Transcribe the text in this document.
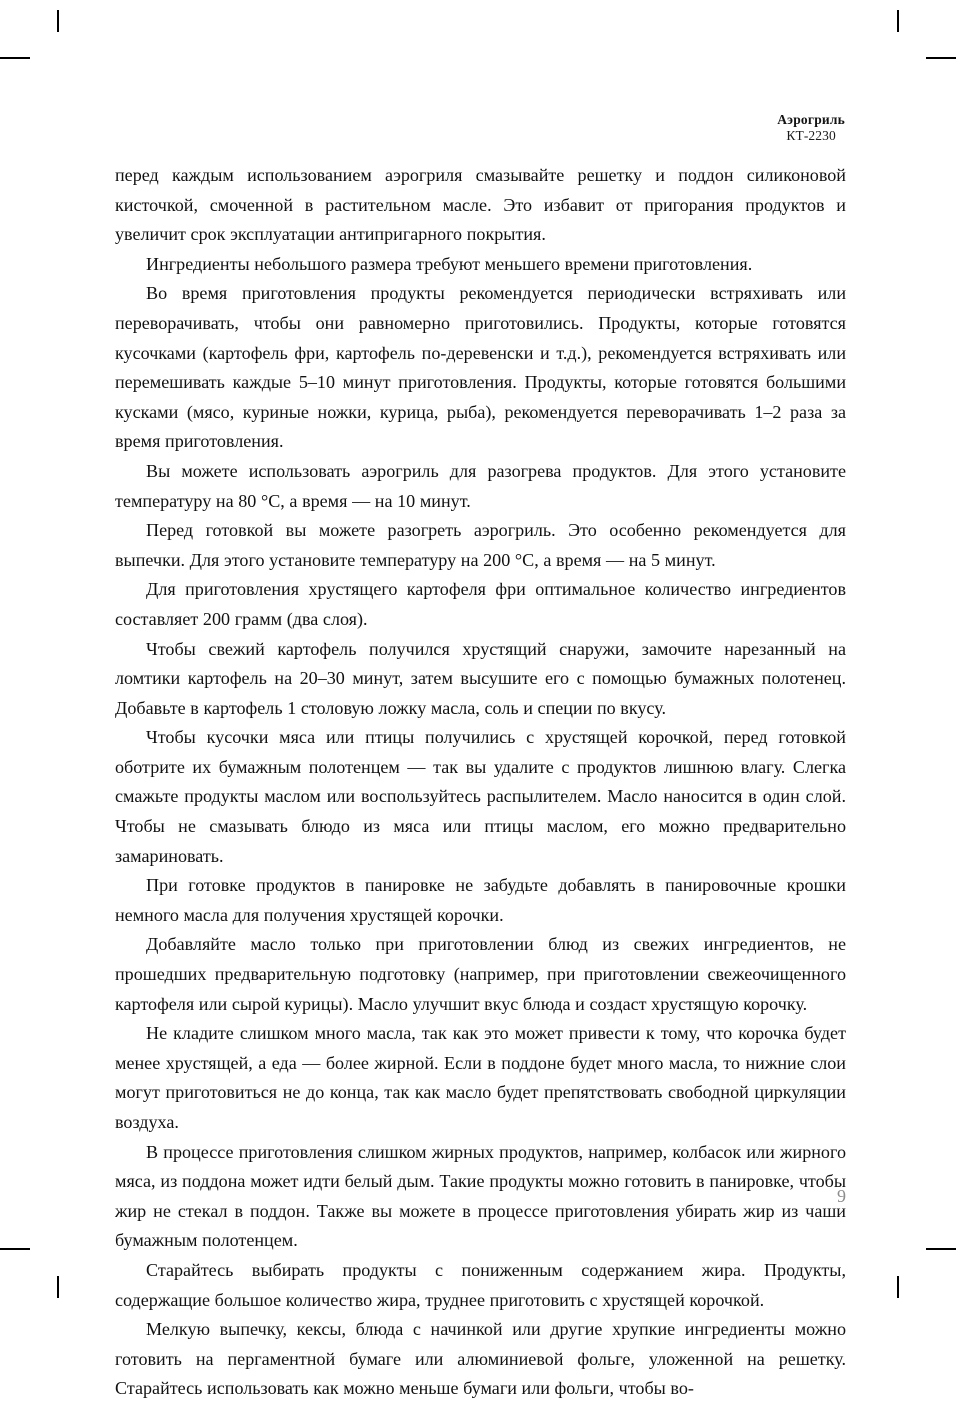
Аэрогриль
КТ-2230

перед каждым использованием аэрогриля смазывайте решетку и поддон силиконовой кисточкой, смоченной в растительном масле. Это избавит от пригорания продуктов и увеличит срок эксплуатации антипригарного покрытия.

Ингредиенты небольшого размера требуют меньшего времени приготовления.

Во время приготовления продукты рекомендуется периодически встряхивать или переворачивать, чтобы они равномерно приготовились. Продукты, которые готовятся кусочками (картофель фри, картофель по-деревенски и т.д.), рекомендуется встряхивать или перемешивать каждые 5–10 минут приготовления. Продукты, которые готовятся большими кусками (мясо, куриные ножки, курица, рыба), рекомендуется переворачивать 1–2 раза за время приготовления.

Вы можете использовать аэрогриль для разогрева продуктов. Для этого установите температуру на 80 °С, а время — на 10 минут.

Перед готовкой вы можете разогреть аэрогриль. Это особенно рекомендуется для выпечки. Для этого установите температуру на 200 °С, а время — на 5 минут.

Для приготовления хрустящего картофеля фри оптимальное количество ингредиентов составляет 200 грамм (два слоя).

Чтобы свежий картофель получился хрустящий снаружи, замочите нарезанный на ломтики картофель на 20–30 минут, затем высушите его с помощью бумажных полотенец. Добавьте в картофель 1 столовую ложку масла, соль и специи по вкусу.

Чтобы кусочки мяса или птицы получились с хрустящей корочкой, перед готовкой оботрите их бумажным полотенцем — так вы удалите с продуктов лишнюю влагу. Слегка смажьте продукты маслом или воспользуйтесь распылителем. Масло наносится в один слой. Чтобы не смазывать блюдо из мяса или птицы маслом, его можно предварительно замариновать.

При готовке продуктов в панировке не забудьте добавлять в панировочные крошки немного масла для получения хрустящей корочки.

Добавляйте масло только при приготовлении блюд из свежих ингредиентов, не прошедших предварительную подготовку (например, при приготовлении свежеочищенного картофеля или сырой курицы). Масло улучшит вкус блюда и создаст хрустящую корочку.

Не кладите слишком много масла, так как это может привести к тому, что корочка будет менее хрустящей, а еда — более жирной. Если в поддоне будет много масла, то нижние слои могут приготовиться не до конца, так как масло будет препятствовать свободной циркуляции воздуха.

В процессе приготовления слишком жирных продуктов, например, колбасок или жирного мяса, из поддона может идти белый дым. Такие продукты можно готовить в панировке, чтобы жир не стекал в поддон. Также вы можете в процессе приготовления убирать жир из чаши бумажным полотенцем.

Старайтесь выбирать продукты с пониженным содержанием жира. Продукты, содержащие большое количество жира, труднее приготовить с хрустящей корочкой.

Мелкую выпечку, кексы, блюда с начинкой или другие хрупкие ингредиенты можно готовить на пергаментной бумаге или алюминиевой фольге, уложенной на решетку. Старайтесь использовать как можно меньше бумаги или фольги, чтобы во-

9
